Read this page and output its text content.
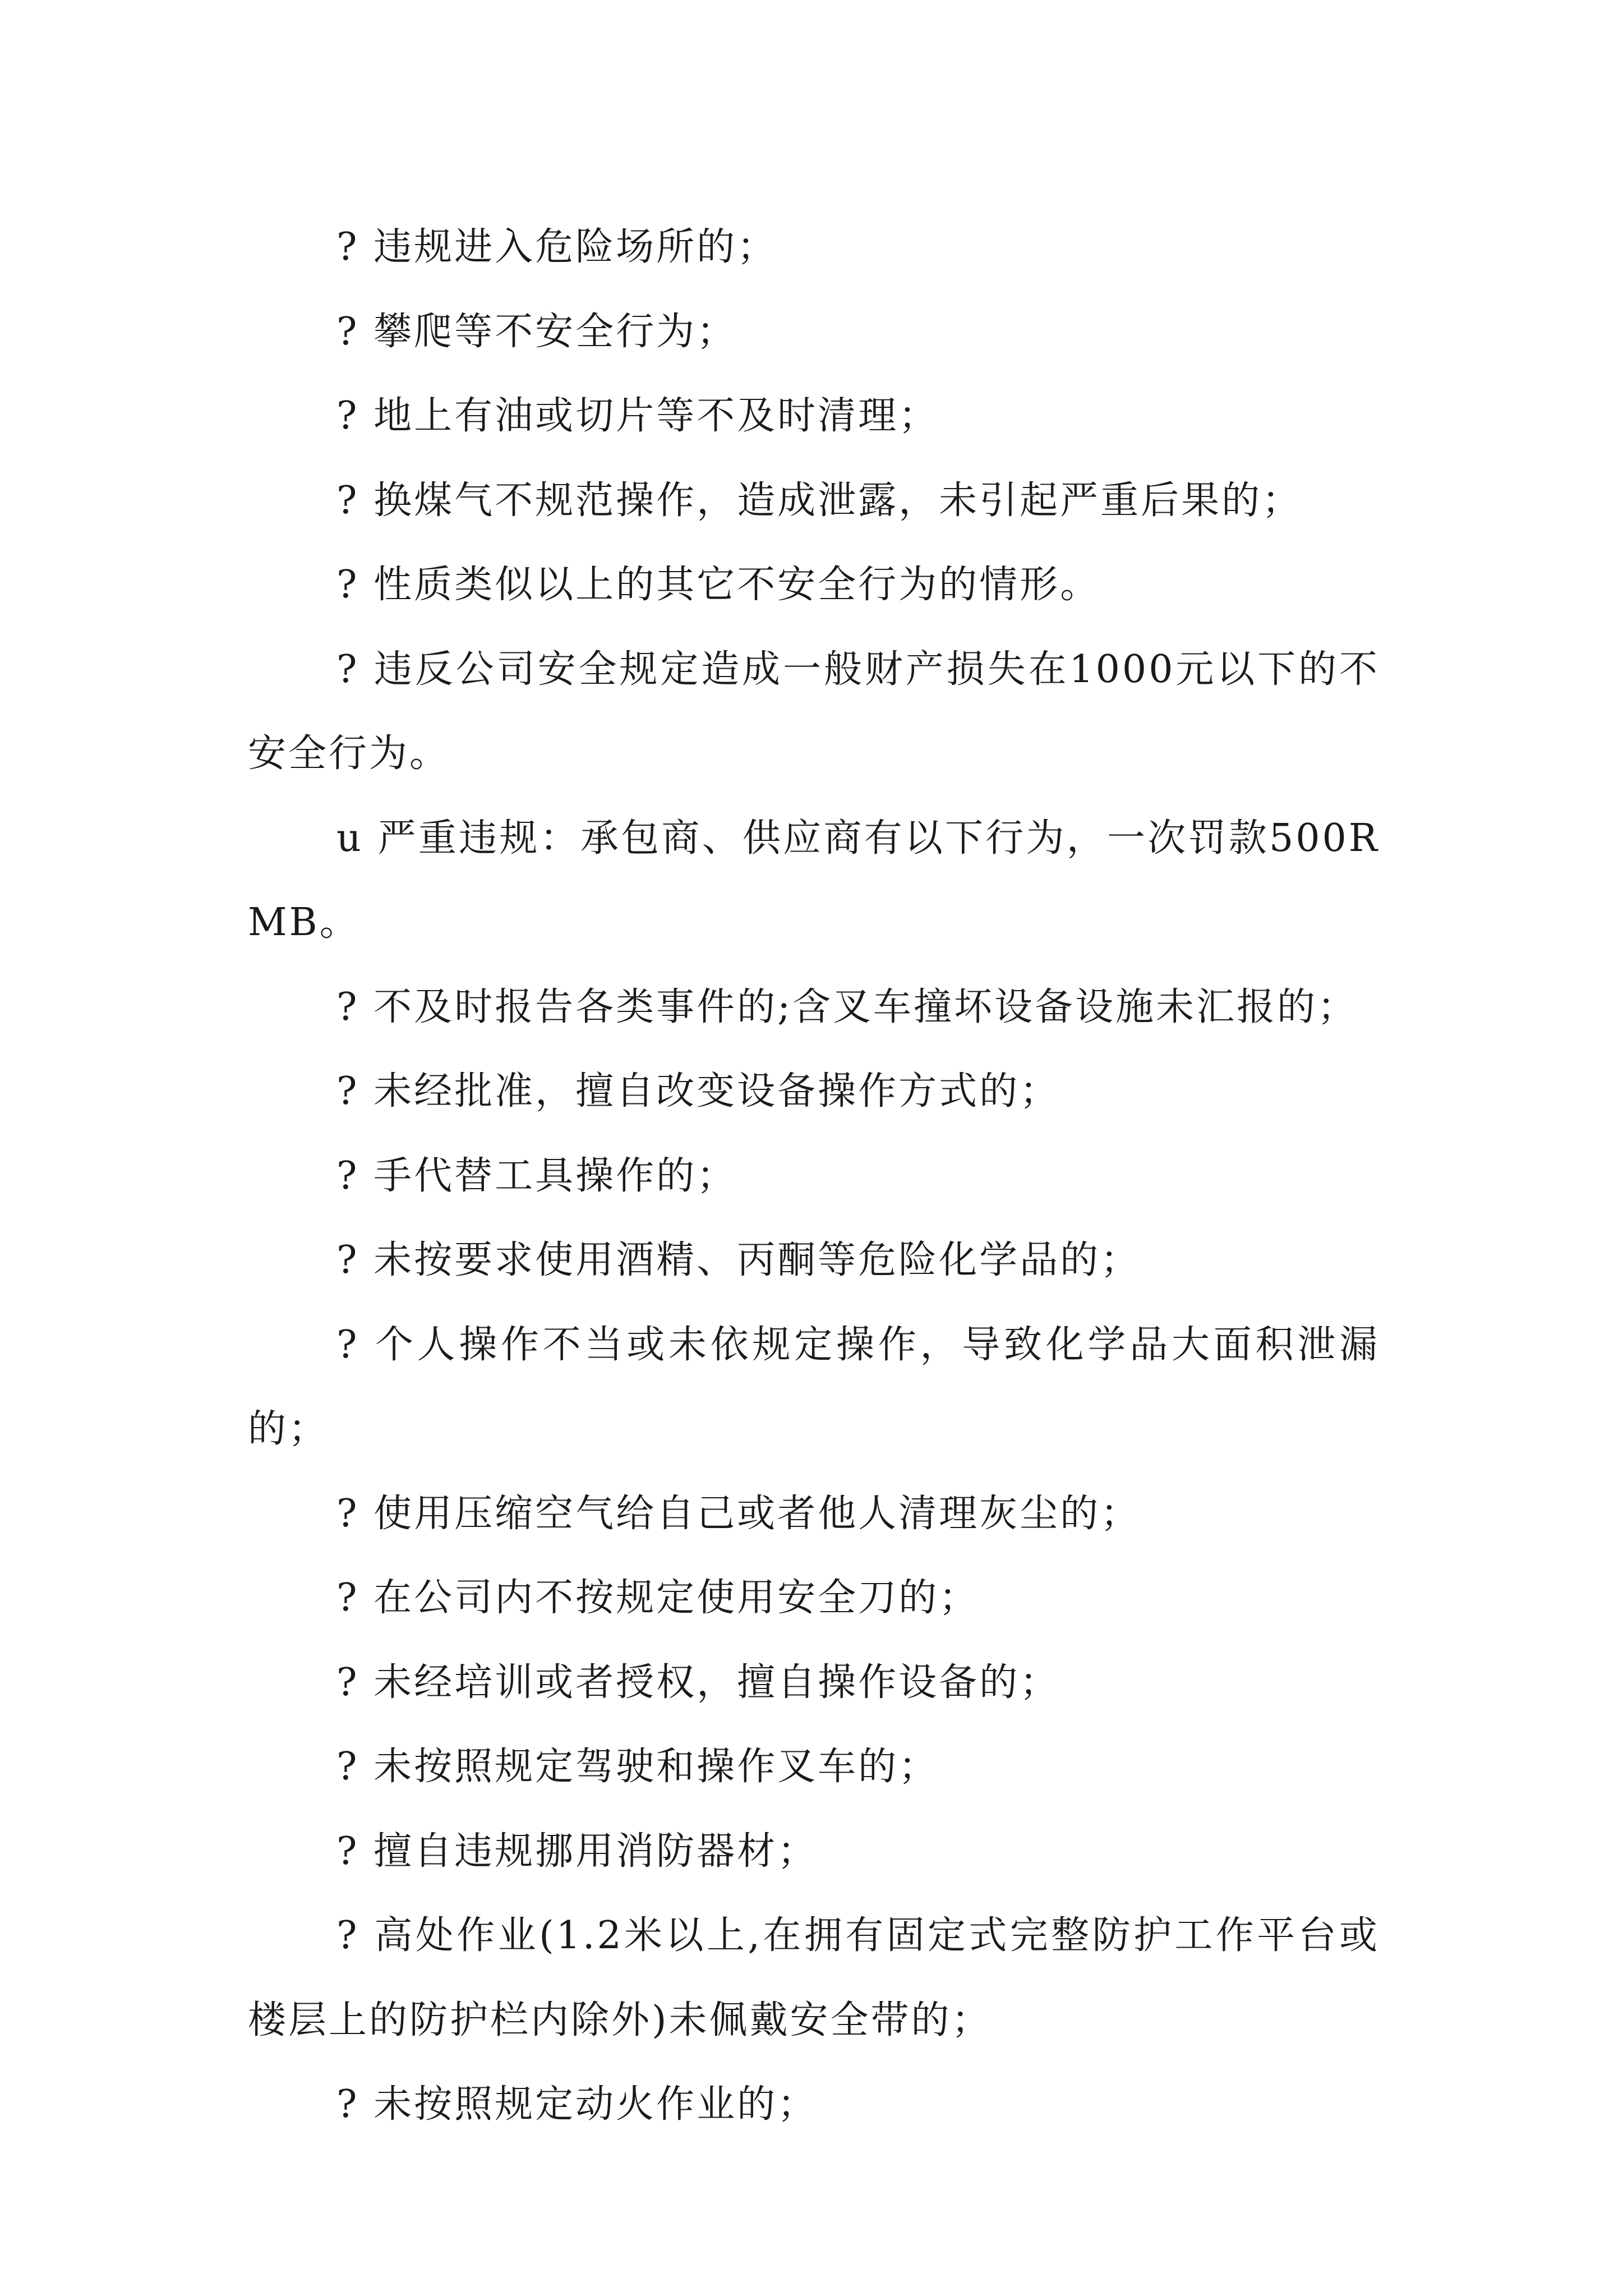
? 违规进入危险场所的；

? 攀爬等不安全行为；

? 地上有油或切片等不及时清理；

? 换煤气不规范操作，造成泄露，未引起严重后果的；

? 性质类似以上的其它不安全行为的情形。

? 违反公司安全规定造成一般财产损失在1000元以下的不安全行为。

u 严重违规：承包商、供应商有以下行为，一次罚款500RMB。

? 不及时报告各类事件的;含叉车撞坏设备设施未汇报的；

? 未经批准，擅自改变设备操作方式的；

? 手代替工具操作的；

? 未按要求使用酒精、丙酮等危险化学品的；

? 个人操作不当或未依规定操作，导致化学品大面积泄漏的；

? 使用压缩空气给自己或者他人清理灰尘的；

? 在公司内不按规定使用安全刀的；

? 未经培训或者授权，擅自操作设备的；

? 未按照规定驾驶和操作叉车的；

? 擅自违规挪用消防器材；

? 高处作业(1.2米以上,在拥有固定式完整防护工作平台或楼层上的防护栏内除外)未佩戴安全带的；

? 未按照规定动火作业的；
